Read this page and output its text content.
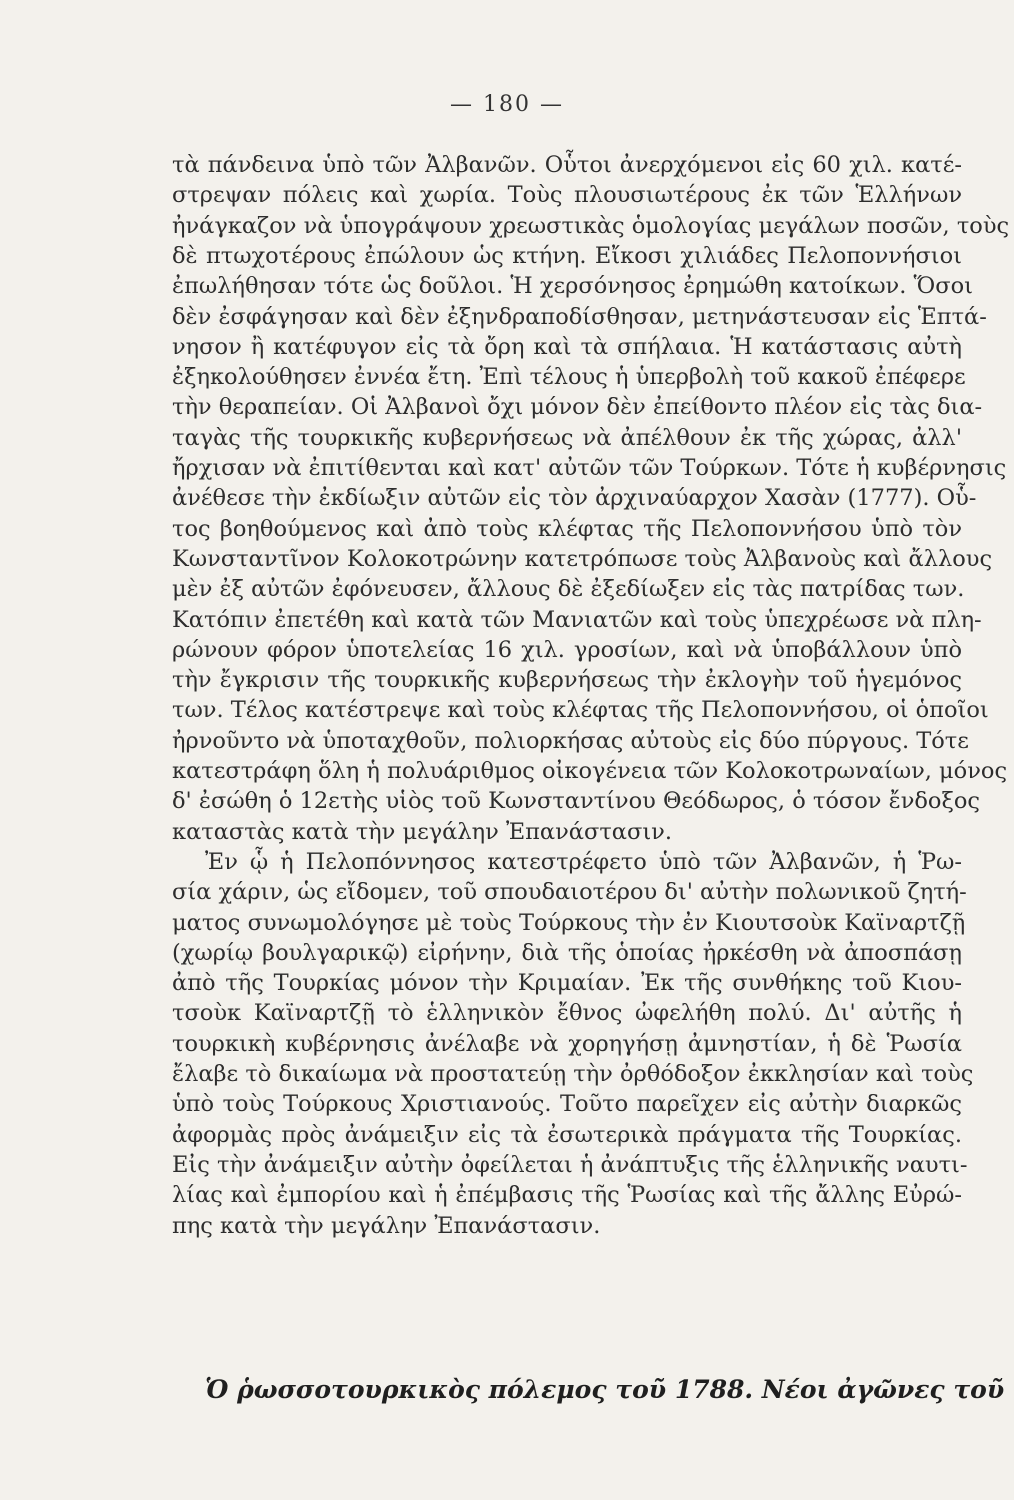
— 180 —
τὰ πάνδεινα ὑπὸ τῶν Ἀλβανῶν. Οὗτοι ἀνερχόμενοι εἰς 60 χιλ. κατέ-
στρεψαν πόλεις καὶ χωρία. Τοὺς πλουσιωτέρους ἐκ τῶν Ἑλλήνων
ἠνάγκαζον νὰ ὑπογράψουν χρεωστικὰς ὁμολογίας μεγάλων ποσῶν, τοὺς
δὲ πτωχοτέρους ἐπώλουν ὡς κτήνη. Εἴκοσι χιλιάδες Πελοποννήσιοι
ἐπωλήθησαν τότε ὡς δοῦλοι. Ἡ χερσόνησος ἐρημώθη κατοίκων. Ὅσοι
δὲν ἐσφάγησαν καὶ δὲν ἐξηνδραποδίσθησαν, μετηνάστευσαν εἰς Ἑπτά-
νησον ἢ κατέφυγον εἰς τὰ ὄρη καὶ τὰ σπήλαια. Ἡ κατάστασις αὐτὴ
ἐξηκολούθησεν ἐννέα ἔτη. Ἐπὶ τέλους ἡ ὑπερβολὴ τοῦ κακοῦ ἐπέφερε
τὴν θεραπείαν. Οἱ Ἀλβανοὶ ὄχι μόνον δὲν ἐπείθοντο πλέον εἰς τὰς δια-
ταγὰς τῆς τουρκικῆς κυβερνήσεως νὰ ἀπέλθουν ἐκ τῆς χώρας, ἀλλ'
ἤρχισαν νὰ ἐπιτίθενται καὶ κατ' αὐτῶν τῶν Τούρκων. Τότε ἡ κυβέρνησις
ἀνέθεσε τὴν ἐκδίωξιν αὐτῶν εἰς τὸν ἀρχιναύαρχον Χασὰν (1777). Οὗ-
τος βοηθούμενος καὶ ἀπὸ τοὺς κλέφτας τῆς Πελοποννήσου ὑπὸ τὸν
Κωνσταντῖνον Κολοκοτρώνην κατετρόπωσε τοὺς Ἀλβανοὺς καὶ ἄλλους
μὲν ἐξ αὐτῶν ἐφόνευσεν, ἄλλους δὲ ἐξεδίωξεν εἰς τὰς πατρίδας των.
Κατόπιν ἐπετέθη καὶ κατὰ τῶν Μανιατῶν καὶ τοὺς ὑπεχρέωσε νὰ πλη-
ρώνουν φόρον ὑποτελείας 16 χιλ. γροσίων, καὶ νὰ ὑποβάλλουν ὑπὸ
τὴν ἔγκρισιν τῆς τουρκικῆς κυβερνήσεως τὴν ἐκλογὴν τοῦ ἡγεμόνος
των. Τέλος κατέστρεψε καὶ τοὺς κλέφτας τῆς Πελοποννήσου, οἱ ὁποῖοι
ἠρνοῦντο νὰ ὑποταχθοῦν, πολιορκήσας αὐτοὺς εἰς δύο πύργους. Τότε
κατεστράφη ὅλη ἡ πολυάριθμος οἰκογένεια τῶν Κολοκοτρωναίων, μόνος
δ' ἐσώθη ὁ 12ετὴς υἱὸς τοῦ Κωνσταντίνου Θεόδωρος, ὁ τόσον ἔνδοξος
καταστὰς κατὰ τὴν μεγάλην Ἐπανάστασιν.
Ἐν ᾧ ἡ Πελοπόννησος κατεστρέφετο ὑπὸ τῶν Ἀλβανῶν, ἡ Ῥω-
σία χάριν, ὡς εἴδομεν, τοῦ σπουδαιοτέρου δι' αὐτὴν πολωνικοῦ ζητή-
ματος συνωμολόγησε μὲ τοὺς Τούρκους τὴν ἐν Κιουτσοὺκ Καϊναρτζῇ
(χωρίῳ βουλγαρικῷ) εἰρήνην, διὰ τῆς ὁποίας ἠρκέσθη νὰ ἀποσπάσῃ
ἀπὸ τῆς Τουρκίας μόνον τὴν Κριμαίαν. Ἐκ τῆς συνθήκης τοῦ Κιου-
τσοὺκ Καϊναρτζῇ τὸ ἑλληνικὸν ἔθνος ὠφελήθη πολύ. Δι' αὐτῆς ἡ
τουρκικὴ κυβέρνησις ἀνέλαβε νὰ χορηγήσῃ ἀμνηστίαν, ἡ δὲ Ῥωσία
ἔλαβε τὸ δικαίωμα νὰ προστατεύῃ τὴν ὀρθόδοξον ἐκκλησίαν καὶ τοὺς
ὑπὸ τοὺς Τούρκους Χριστιανούς. Τοῦτο παρεῖχεν εἰς αὐτὴν διαρκῶς
ἀφορμὰς πρὸς ἀνάμειξιν εἰς τὰ ἐσωτερικὰ πράγματα τῆς Τουρκίας.
Εἰς τὴν ἀνάμειξιν αὐτὴν ὀφείλεται ἡ ἀνάπτυξις τῆς ἑλληνικῆς ναυτι-
λίας καὶ ἐμπορίου καὶ ἡ ἐπέμβασις τῆς Ῥωσίας καὶ τῆς ἄλλης Εὐρώ-
πης κατὰ τὴν μεγάλην Ἐπανάστασιν.
Ὁ ῥωσσοτουρκικὸς πόλεμος τοῦ 1788. Νέοι ἀγῶνες τοῦ
